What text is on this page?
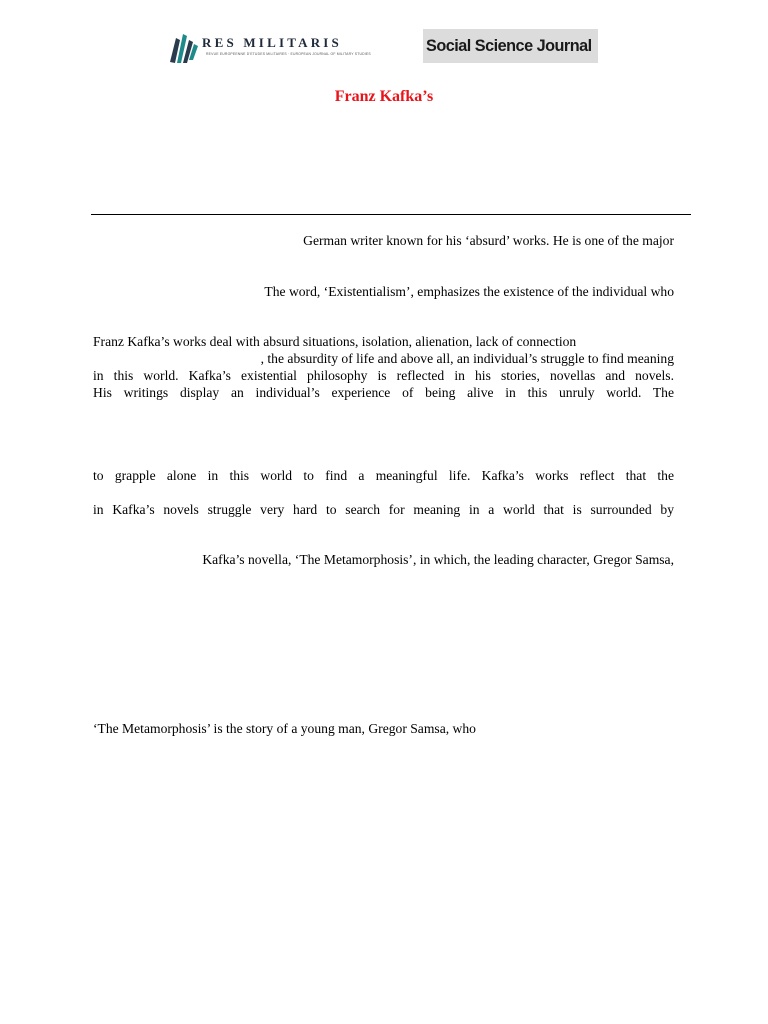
RES MILITARIS
REVUE EUROPEENNE D'ETUDES MILITAIRES · EUROPEAN JOURNAL OF MILITARY STUDIES	Social Science Journal
Franz Kafka’s
German writer known for his ‘absurd’ works. He is one of the major
The word, ‘Existentialism’, emphasizes the existence of the individual who
Franz Kafka’s works deal with absurd situations, isolation, alienation, lack of connection
, the absurdity of life and above all, an individual’s struggle to find meaning
in this world. Kafka’s existential philosophy is reflected in his stories, novellas and novels.
His writings display an individual’s experience of being alive in this unruly world. The
to grapple alone in this world to find a meaningful life. Kafka’s works reflect that the
in Kafka’s novels struggle very hard to search for meaning in a world that is surrounded by
Kafka’s novella, ‘The Metamorphosis’, in which, the leading character, Gregor Samsa,
‘The Metamorphosis’ is the story of a young man, Gregor Samsa, who
